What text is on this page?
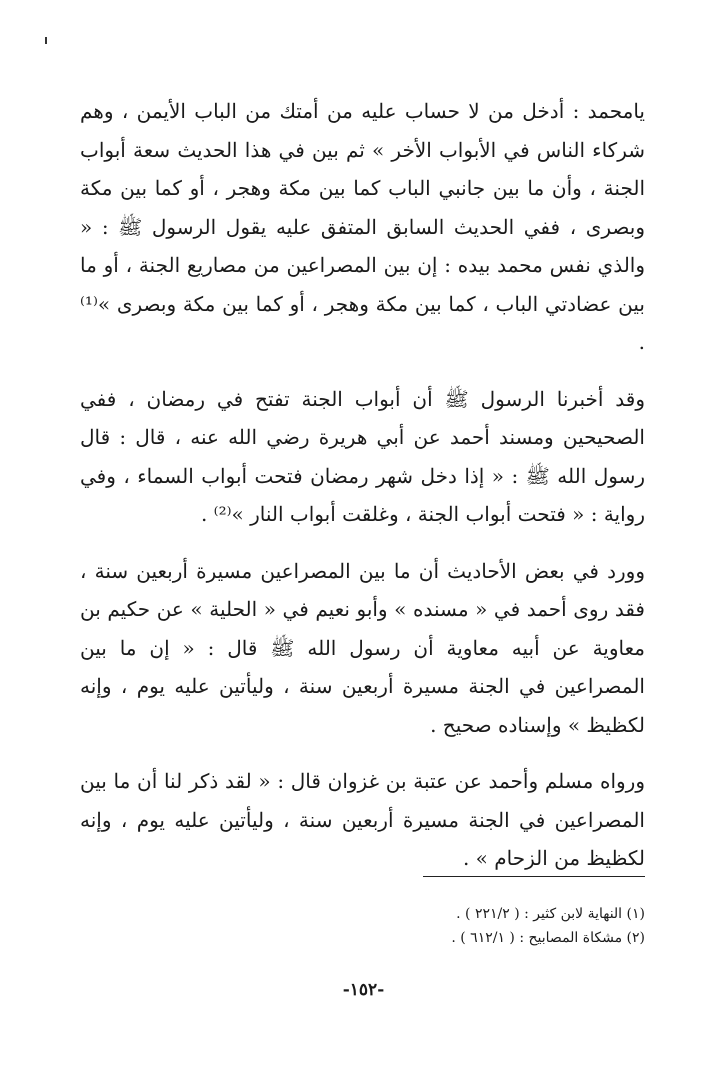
يامحمد : أدخل من لا حساب عليه من أمتك من الباب الأيمن ، وهم شركاء الناس في الأبواب الأخر » ثم بين في هذا الحديث سعة أبواب الجنة ، وأن ما بين جانبي الباب كما بين مكة وهجر ، أو كما بين مكة وبصرى ، ففي الحديث السابق المتفق عليه يقول الرسول ﷺ : « والذي نفس محمد بيده : إن بين المصراعين من مصاريع الجنة ، أو ما بين عضادتي الباب ، كما بين مكة وهجر ، أو كما بين مكة وبصرى »⁽¹⁾ .

وقد أخبرنا الرسول ﷺ أن أبواب الجنة تفتح في رمضان ، ففي الصحيحين ومسند أحمد عن أبي هريرة رضي الله عنه ، قال : قال رسول الله ﷺ : « إذا دخل شهر رمضان فتحت أبواب السماء ، وفي رواية : « فتحت أبواب الجنة ، وغلقت أبواب النار »⁽²⁾ .

وورد في بعض الأحاديث أن ما بين المصراعين مسيرة أربعين سنة ، فقد روى أحمد في « مسنده » وأبو نعيم في « الحلية » عن حكيم بن معاوية عن أبيه معاوية أن رسول الله ﷺ قال : « إن ما بين المصراعين في الجنة مسيرة أربعين سنة ، وليأتين عليه يوم ، وإنه لكظيظ » وإسناده صحيح .

ورواه مسلم وأحمد عن عتبة بن غزوان قال : « لقد ذكر لنا أن ما بين المصراعين في الجنة مسيرة أربعين سنة ، وليأتين عليه يوم ، وإنه لكظيظ من الزحام » .

(١) النهاية لابن كثير : ( ٢٢١/٢ ) .

(٢) مشكاة المصابيح : ( ٦١٢/١ ) .

-١٥٢-
